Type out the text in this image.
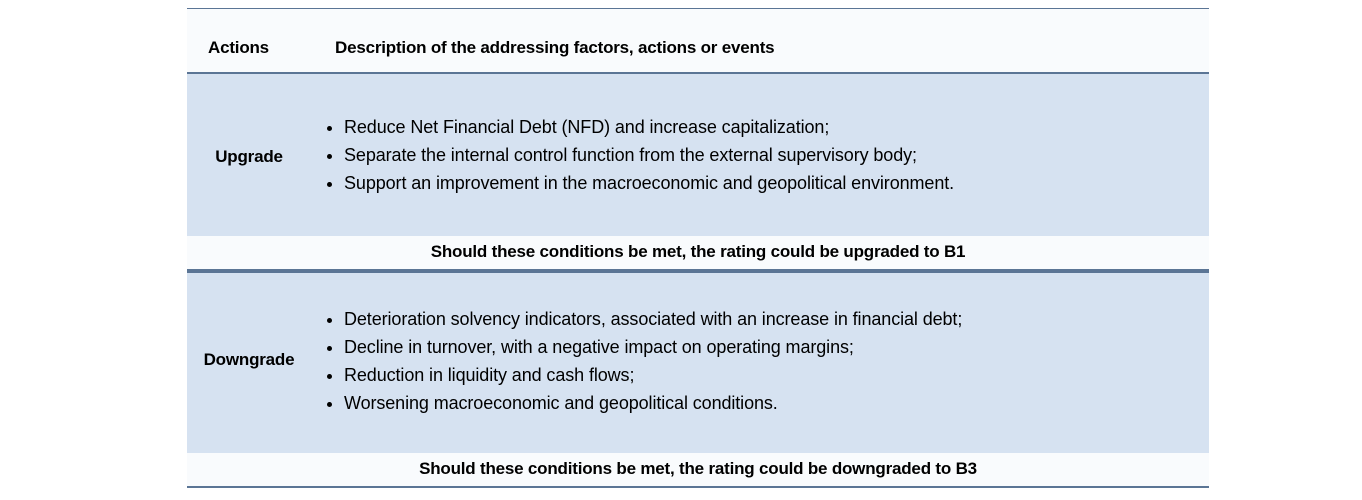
Actions	Description of the addressing factors, actions or events
Upgrade
• Reduce Net Financial Debt (NFD) and increase capitalization;
• Separate the internal control function from the external supervisory body;
• Support an improvement in the macroeconomic and geopolitical environment.
Should these conditions be met, the rating could be upgraded to B1
Downgrade
• Deterioration solvency indicators, associated with an increase in financial debt;
• Decline in turnover, with a negative impact on operating margins;
• Reduction in liquidity and cash flows;
• Worsening macroeconomic and geopolitical conditions.
Should these conditions be met, the rating could be downgraded to B3
